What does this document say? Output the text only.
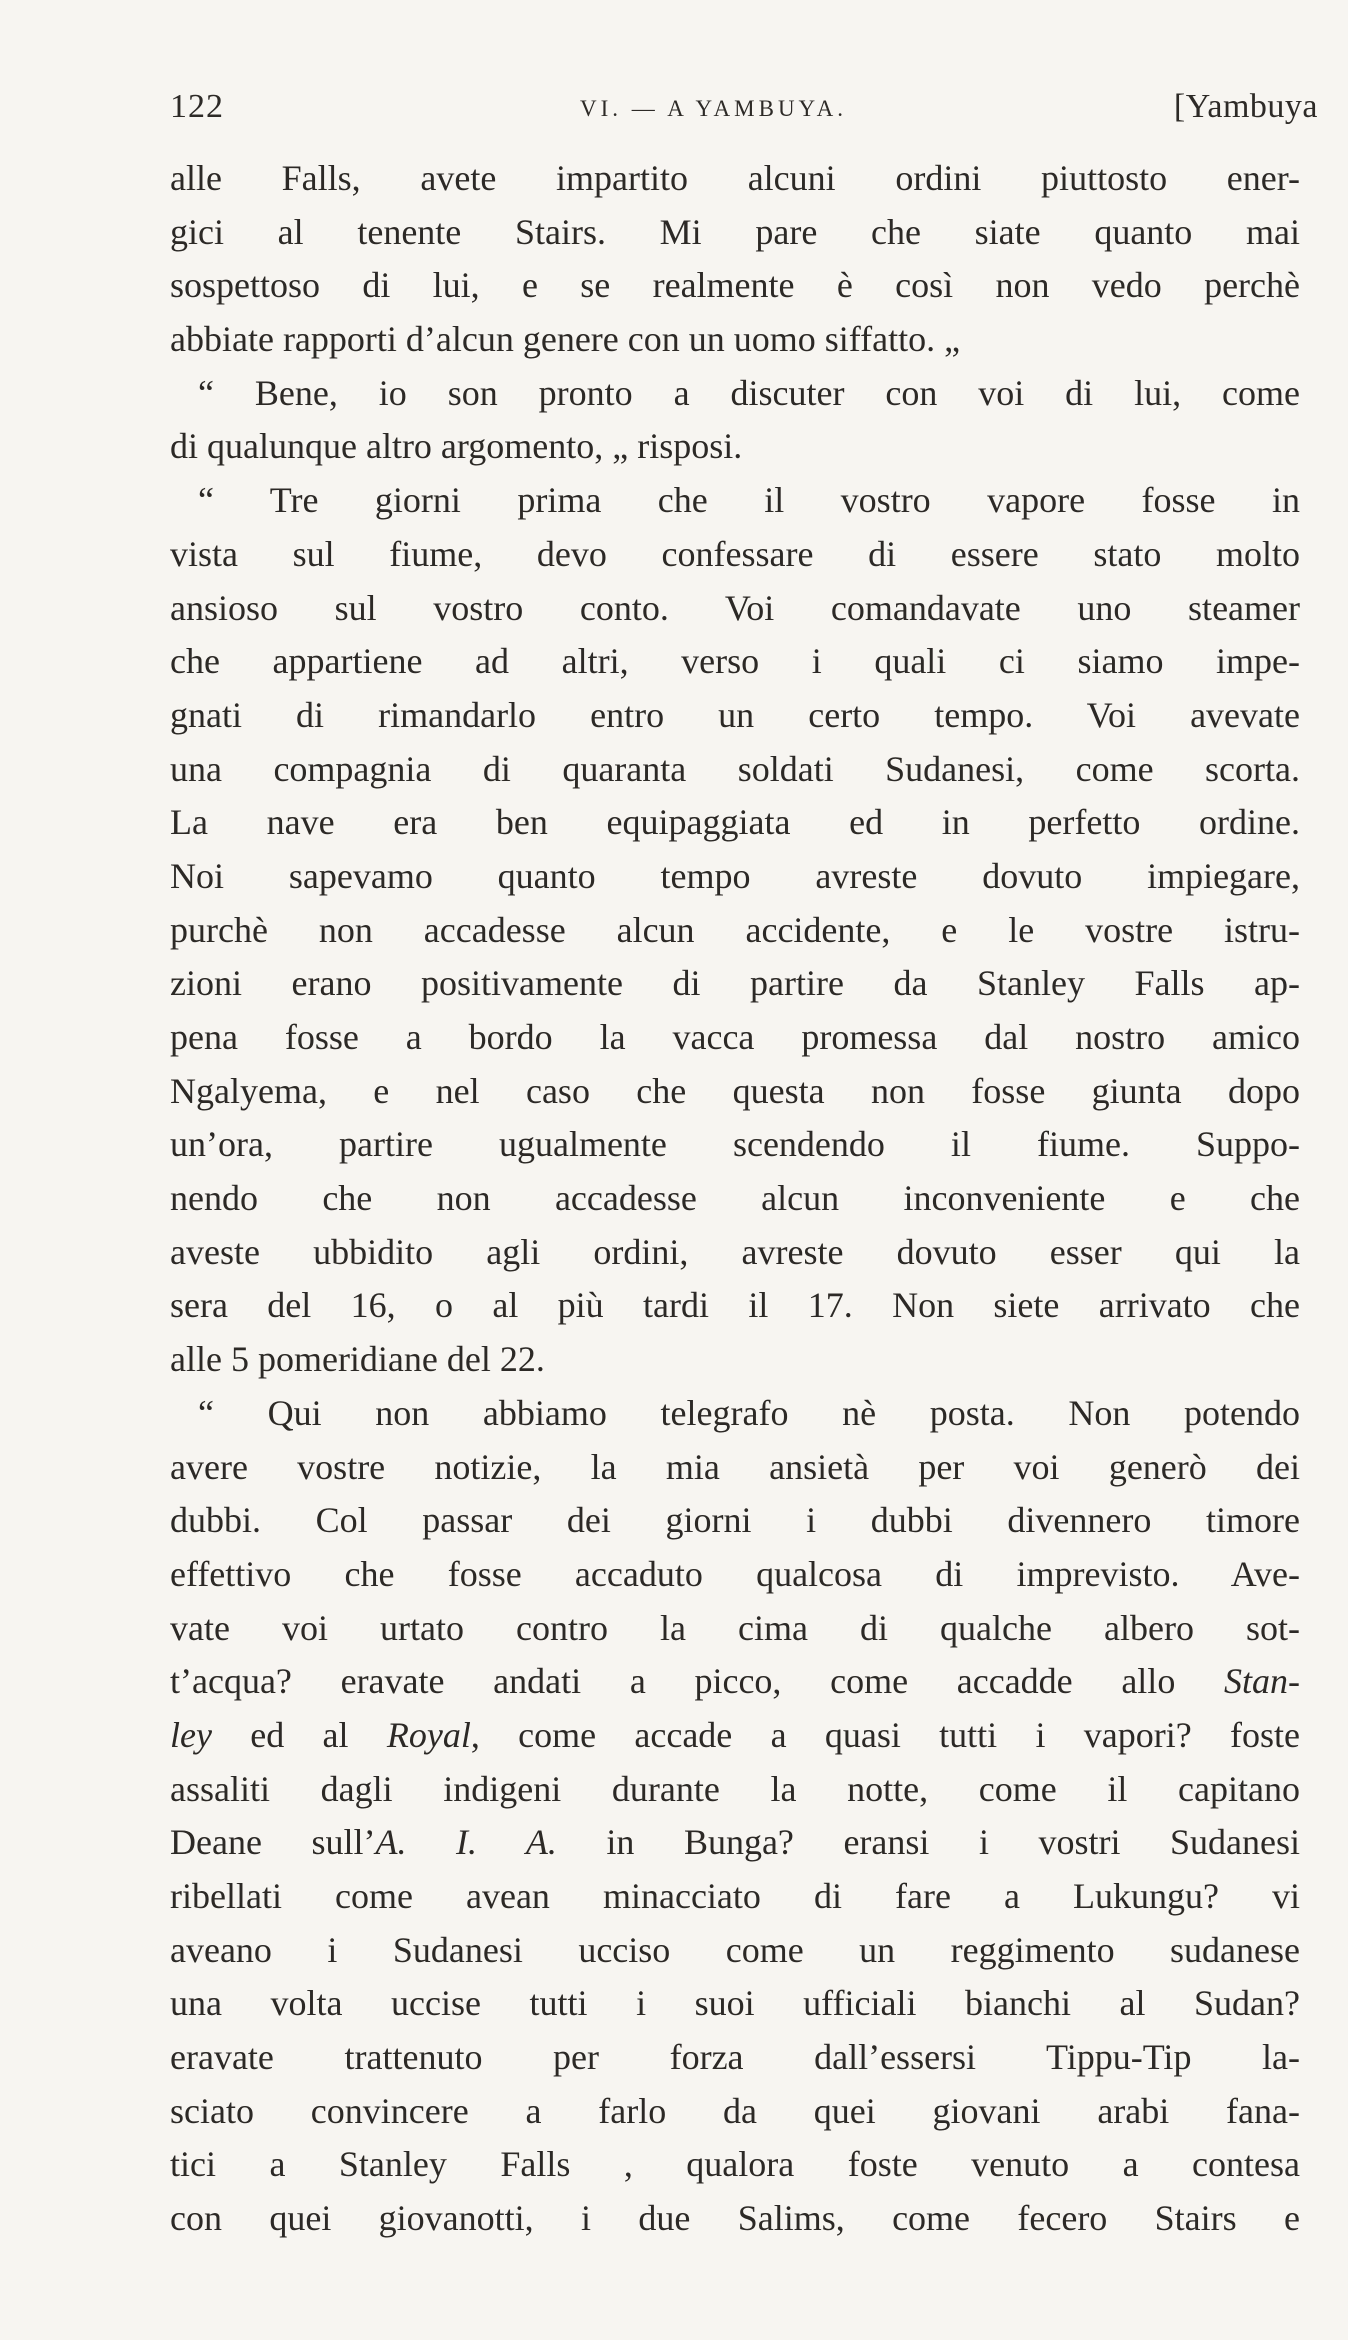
122	VI. — A YAMBUYA.	[Yambuya
alle Falls, avete impartito alcuni ordini piuttosto ener-
gici al tenente Stairs. Mi pare che siate quanto mai
sospettoso di lui, e se realmente è così non vedo perchè
abbiate rapporti d’alcun genere con un uomo siffatto. „
“ Bene, io son pronto a discuter con voi di lui, come
di qualunque altro argomento, „ risposi.
“ Tre giorni prima che il vostro vapore fosse in
vista sul fiume, devo confessare di essere stato molto
ansioso sul vostro conto. Voi comandavate uno steamer
che appartiene ad altri, verso i quali ci siamo impe-
gnati di rimandarlo entro un certo tempo. Voi avevate
una compagnia di quaranta soldati Sudanesi, come scorta.
La nave era ben equipaggiata ed in perfetto ordine.
Noi sapevamo quanto tempo avreste dovuto impiegare,
purchè non accadesse alcun accidente, e le vostre istru-
zioni erano positivamente di partire da Stanley Falls ap-
pena fosse a bordo la vacca promessa dal nostro amico
Ngalyema, e nel caso che questa non fosse giunta dopo
un’ora, partire ugualmente scendendo il fiume. Suppo-
nendo che non accadesse alcun inconveniente e che
aveste ubbidito agli ordini, avreste dovuto esser qui la
sera del 16, o al più tardi il 17. Non siete arrivato che
alle 5 pomeridiane del 22.
“ Qui non abbiamo telegrafo nè posta. Non potendo
avere vostre notizie, la mia ansietà per voi generò dei
dubbi. Col passar dei giorni i dubbi divennero timore
effettivo che fosse accaduto qualcosa di imprevisto. Ave-
vate voi urtato contro la cima di qualche albero sot-
t’acqua? eravate andati a picco, come accadde allo Stan-
ley ed al Royal, come accade a quasi tutti i vapori? foste
assaliti dagli indigeni durante la notte, come il capitano
Deane sull’A. I. A. in Bunga? eransi i vostri Sudanesi
ribellati come avean minacciato di fare a Lukungu? vi
aveano i Sudanesi ucciso come un reggimento sudanese
una volta uccise tutti i suoi ufficiali bianchi al Sudan?
eravate trattenuto per forza dall’essersi Tippu-Tip la-
sciato convincere a farlo da quei giovani arabi fana-
tici a Stanley Falls , qualora foste venuto a contesa
con quei giovanotti, i due Salims, come fecero Stairs e
